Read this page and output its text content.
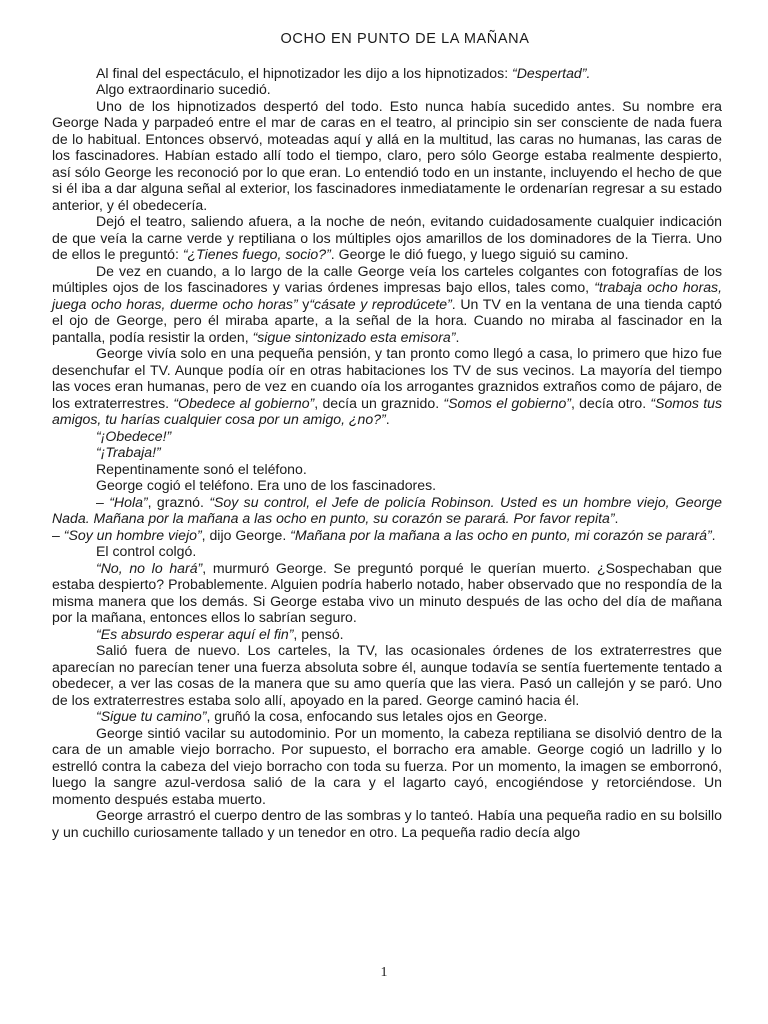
OCHO EN PUNTO DE LA MAÑANA

Al final del espectáculo, el hipnotizador les dijo a los hipnotizados: “Despertad”.

Algo extraordinario sucedió.

Uno de los hipnotizados despertó del todo. Esto nunca había sucedido antes. Su nombre era George Nada y parpadeó entre el mar de caras en el teatro, al principio sin ser consciente de nada fuera de lo habitual. Entonces observó, moteadas aquí y allá en la multitud, las caras no humanas, las caras de los fascinadores. Habían estado allí todo el tiempo, claro, pero sólo George estaba realmente despierto, así sólo George les reconoció por lo que eran. Lo entendió todo en un instante, incluyendo el hecho de que si él iba a dar alguna señal al exterior, los fascinadores inmediatamente le ordenarían regresar a su estado anterior, y él obedecería.

Dejó el teatro, saliendo afuera, a la noche de neón, evitando cuidadosamente cualquier indicación de que veía la carne verde y reptiliana o los múltiples ojos amarillos de los dominadores de la Tierra. Uno de ellos le preguntó: “¿Tienes fuego, socio?”. George le dió fuego, y luego siguió su camino.

De vez en cuando, a lo largo de la calle George veía los carteles colgantes con fotografías de los múltiples ojos de los fascinadores y varias órdenes impresas bajo ellos, tales como, “trabaja ocho horas, juega ocho horas, duerme ocho horas” y“cásate y reprodúcete”. Un TV en la ventana de una tienda captó el ojo de George, pero él miraba aparte, a la señal de la hora. Cuando no miraba al fascinador en la pantalla, podía resistir la orden, “sigue sintonizado esta emisora”.

George vivía solo en una pequeña pensión, y tan pronto como llegó a casa, lo primero que hizo fue desenchufar el TV. Aunque podía oír en otras habitaciones los TV de sus vecinos. La mayoría del tiempo las voces eran humanas, pero de vez en cuando oía los arrogantes graznidos extraños como de pájaro, de los extraterrestres. “Obedece al gobierno”, decía un graznido. “Somos el gobierno”, decía otro. “Somos tus amigos, tu harías cualquier cosa por un amigo, ¿no?”.

“¡Obedece!”

“¡Trabaja!”

Repentinamente sonó el teléfono.

George cogió el teléfono. Era uno de los fascinadores.

– “Hola”, graznó. “Soy su control, el Jefe de policía Robinson. Usted es un hombre viejo, George Nada. Mañana por la mañana a las ocho en punto, su corazón se parará. Por favor repita”.

– “Soy un hombre viejo”, dijo George. “Mañana por la mañana a las ocho en punto, mi corazón se parará”.

El control colgó.

“No, no lo hará”, murmuró George. Se preguntó porqué le querían muerto. ¿Sospechaban que estaba despierto? Probablemente. Alguien podría haberlo notado, haber observado que no respondía de la misma manera que los demás. Si George estaba vivo un minuto después de las ocho del día de mañana por la mañana, entonces ellos lo sabrían seguro.

“Es absurdo esperar aquí el fin”, pensó.

Salió fuera de nuevo. Los carteles, la TV, las ocasionales órdenes de los extraterrestres que aparecían no parecían tener una fuerza absoluta sobre él, aunque todavía se sentía fuertemente tentado a obedecer, a ver las cosas de la manera que su amo quería que las viera. Pasó un callejón y se paró. Uno de los extraterrestres estaba solo allí, apoyado en la pared. George caminó hacia él.

“Sigue tu camino”, gruñó la cosa, enfocando sus letales ojos en George.

George sintió vacilar su autodominio. Por un momento, la cabeza reptiliana se disolvió dentro de la cara de un amable viejo borracho. Por supuesto, el borracho era amable. George cogió un ladrillo y lo estrelló contra la cabeza del viejo borracho con toda su fuerza. Por un momento, la imagen se emborronó, luego la sangre azul-verdosa salió de la cara y el lagarto cayó, encogiéndose y retorciéndose. Un momento después estaba muerto.

George arrastró el cuerpo dentro de las sombras y lo tanteó. Había una pequeña radio en su bolsillo y un cuchillo curiosamente tallado y un tenedor en otro. La pequeña radio decía algo

1
